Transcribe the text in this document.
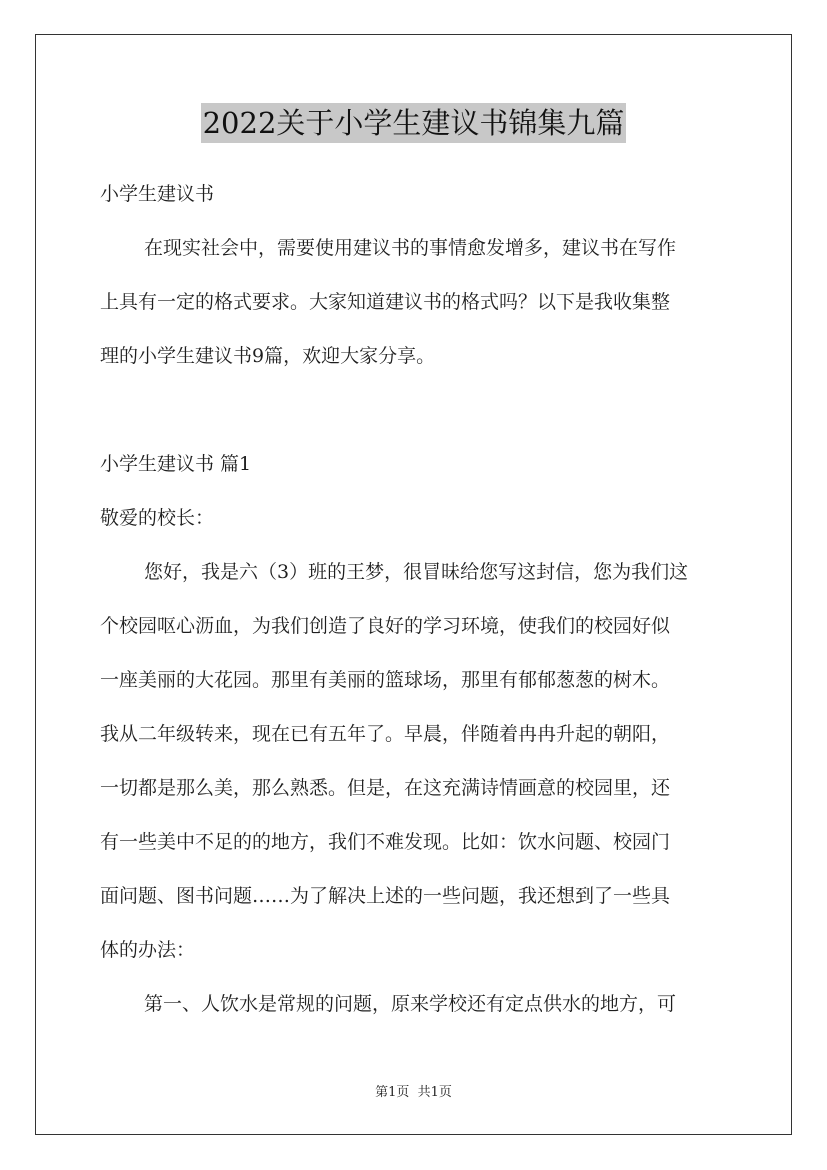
2022关于小学生建议书锦集九篇
小学生建议书
在现实社会中，需要使用建议书的事情愈发增多，建议书在写作
上具有一定的格式要求。大家知道建议书的格式吗？以下是我收集整
理的小学生建议书9篇，欢迎大家分享。
小学生建议书 篇1
敬爱的校长：
您好，我是六（3）班的王梦，很冒昧给您写这封信，您为我们这
个校园呕心沥血，为我们创造了良好的学习环境，使我们的校园好似
一座美丽的大花园。那里有美丽的篮球场，那里有郁郁葱葱的树木。
我从二年级转来，现在已有五年了。早晨，伴随着冉冉升起的朝阳，
一切都是那么美，那么熟悉。但是，在这充满诗情画意的校园里，还
有一些美中不足的的地方，我们不难发现。比如：饮水问题、校园门
面问题、图书问题……为了解决上述的一些问题，我还想到了一些具
体的办法：
第一、人饮水是常规的问题，原来学校还有定点供水的地方，可
第1页  共1页
